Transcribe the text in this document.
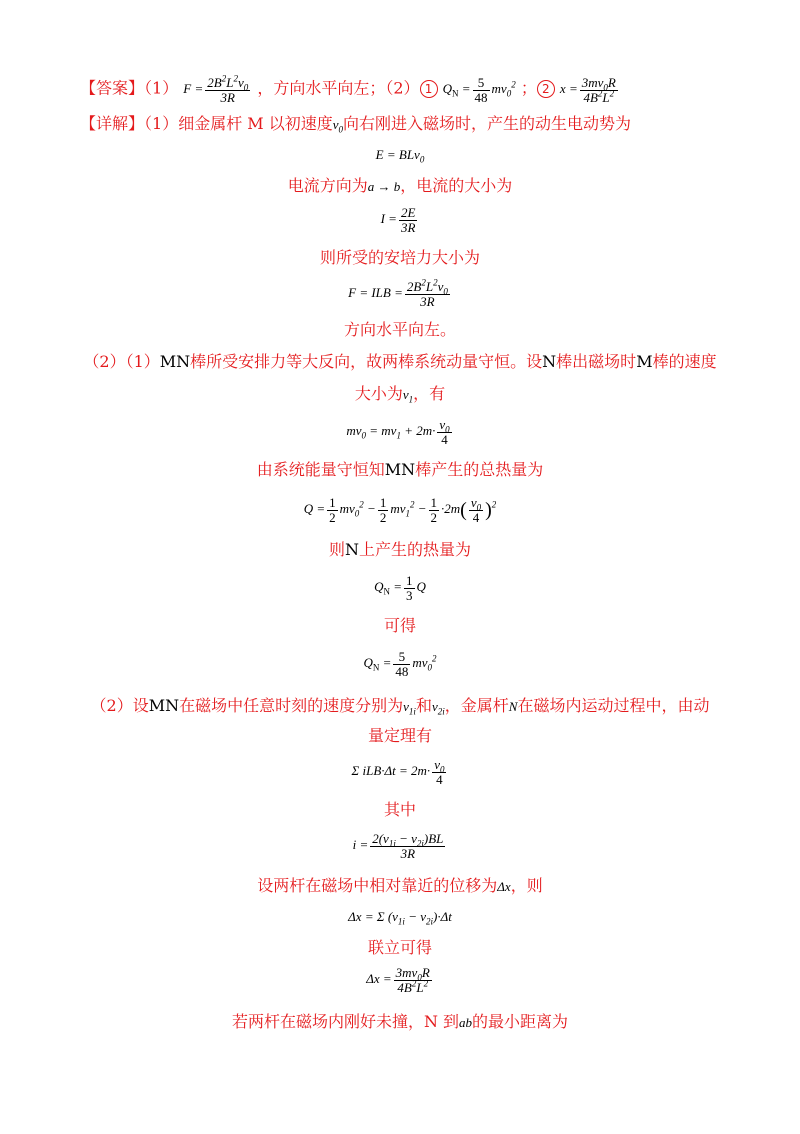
【答案】（1） $F = \frac{2B^2L^2v_0}{3R}$ ，方向水平向左；（2） 1 $Q_N = \frac{5}{48} mv_0^2$ ； 2 $x = \frac{3mv_0R}{4B^2L^2}$
【详解】（1）细金属杆 M 以初速度$v_0$向右刚进入磁场时，产生的动生电动势为
E = BLv$_0$
电流方向为a → b，电流的大小为
$I = \frac{2E}{3R}$
则所受的安培力大小为
F = ILB = $\frac{2B^2L^2v_0}{3R}$
方向水平向左。
（2）（1）MN棒所受安排力等大反向，故两棒系统动量守恒。设N棒出磁场时M棒的速度
大小为$v_1$，有
$mv_0 = mv_1 + 2m\cdot \frac{v_0}{4}$
由系统能量守恒知MN棒产生的总热量为
$Q = \frac{1}{2} mv_0^2 - \frac{1}{2} mv_1^2 - \frac{1}{2} \cdot 2m( \frac{v_0}{4} )^2$
则N上产生的热量为
$Q_N = \frac{1}{3}$ Q
可得
$Q_N = \frac{5}{48} mv_0^2$
（2）设MN在磁场中任意时刻的速度分别为$v_{1i}$和$v_{2i}$，金属杆N在磁场内运动过程中，由动
量定理有
Σ $iLB\cdot\Delta t = 2m\cdot \frac{v_0}{4}$
其中
$i = \frac{2(v_{1i} - v_{2i})BL}{3R}$
设两杆在磁场中相对靠近的位移为Δx，则
Δx = Σ $(v_{1i} - v_{2i})\cdot\Delta t$
联立可得
$\Delta x = \frac{3mv_0R}{4B^2L^2}$
若两杆在磁场内刚好未撞，N 到ab的最小距离为
